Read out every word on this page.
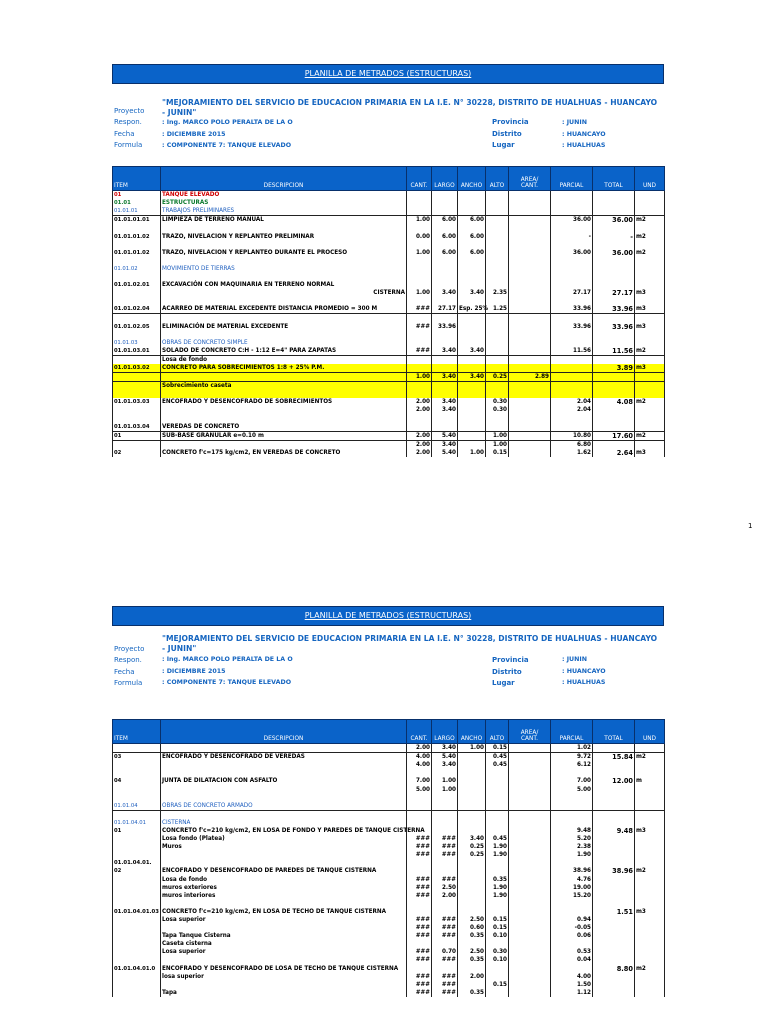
PLANILLA DE METRADOS (ESTRUCTURAS)
"MEJORAMIENTO DEL SERVICIO DE EDUCACION PRIMARIA EN LA I.E. N° 30228, DISTRITO DE HUALHUAS - HUANCAYO - JUNIN"
Proyecto
Respon.	: Ing. MARCO POLO PERALTA DE LA O
Fecha	: DICIEMBRE 2015
Formula	: COMPONENTE 7: TANQUE ELEVADO
Provincia	: JUNIN
Distrito	: HUANCAYO
Lugar	: HUALHUAS
ITEM	DESCRIPCION	CANT.	LARGO	ANCHO	ALTO	AREA/
CANT.	PARCIAL	TOTAL	UND
01	TANQUE ELEVADO								
01.01	ESTRUCTURAS								
01.01.01	TRABAJOS PRELIMINARES								
01.01.01.01	LIMPIEZA DE TERRENO MANUAL	1.00	6.00	6.00			36.00	36.00	m2

01.01.01.02	TRAZO, NIVELACION Y REPLANTEO PRELIMINAR	0.00	6.00	6.00			-	-	m2

01.01.01.02	TRAZO, NIVELACION Y REPLANTEO DURANTE EL PROCESO	1.00	6.00	6.00			36.00	36.00	m2

01.01.02	MOVIMIENTO DE TIERRAS								

01.01.02.01	EXCAVACIÓN CON MAQUINARIA EN TERRENO NORMAL								
	CISTERNA	1.00	3.40	3.40	2.35		27.17	27.17	m3

01.01.02.04	ACARREO DE MATERIAL EXCEDENTE DISTANCIA PROMEDIO = 300 M	###	27.17	Esp. 25%	1.25		33.96	33.96	m3

01.01.02.05	ELIMINACIÓN DE MATERIAL EXCEDENTE	###	33.96				33.96	33.96	m3

01.01.03	OBRAS DE CONCRETO SIMPLE								
01.01.03.01	SOLADO DE CONCRETO C:H - 1:12 E=4" PARA ZAPATAS	###	3.40	3.40			11.56	11.56	m2
	Losa de fondo								
01.01.03.02	CONCRETO PARA SOBRECIMIENTOS 1:8 + 25% P.M.							3.89	m3
		1.00	3.40	3.40	0.25	2.89			
	Sobrecimiento caseta								

01.01.03.03	ENCOFRADO Y DESENCOFRADO DE SOBRECIMIENTOS	2.00	3.40		0.30		2.04	4.08	m2
		2.00	3.40		0.30		2.04		

01.01.03.04	VEREDAS DE CONCRETO								
01	SUB-BASE GRANULAR e=0.10 m	2.00	5.40		1.00		10.80	17.60	m2
		2.00	3.40		1.00		6.80		
02	CONCRETO f'c=175 kg/cm2, EN VEREDAS DE CONCRETO	2.00	5.40	1.00	0.15		1.62	2.64	m3
1
PLANILLA DE METRADOS (ESTRUCTURAS)
"MEJORAMIENTO DEL SERVICIO DE EDUCACION PRIMARIA EN LA I.E. N° 30228, DISTRITO DE HUALHUAS - HUANCAYO - JUNIN"
Proyecto
Respon.	: Ing. MARCO POLO PERALTA DE LA O
Fecha	: DICIEMBRE 2015
Formula	: COMPONENTE 7: TANQUE ELEVADO
Provincia	: JUNIN
Distrito	: HUANCAYO
Lugar	: HUALHUAS
ITEM	DESCRIPCION	CANT.	LARGO	ANCHO	ALTO	AREA/
CANT.	PARCIAL	TOTAL	UND
		2.00	3.40	1.00	0.15		1.02		
03	ENCOFRADO Y DESENCOFRADO DE VEREDAS	4.00	5.40		0.45		9.72	15.84	m2
		4.00	3.40		0.45		6.12		

04	JUNTA DE DILATACION CON ASFALTO	7.00	1.00				7.00	12.00	m
		5.00	1.00				5.00		

01.01.04	OBRAS DE CONCRETO ARMADO								

01.01.04.01	CISTERNA								
01	CONCRETO f'c=210 kg/cm2, EN LOSA DE FONDO Y PAREDES DE TANQUE CISTERNA						9.48	9.48	m3
	Losa fondo (Platea)	###	###	3.40	0.45		5.20		
	Muros	###	###	0.25	1.90		2.38		
		###	###	0.25	1.90		1.90		
01.01.04.01.									
02	ENCOFRADO Y DESENCOFRADO DE PAREDES DE TANQUE CISTERNA						38.96	38.96	m2
	Losa de fondo	###	###		0.35		4.76		
	muros exteriores	###	2.50		1.90		19.00		
	muros interiores	###	2.00		1.90		15.20		

01.01.04.01.03	CONCRETO f'c=210 kg/cm2, EN LOSA DE TECHO DE TANQUE CISTERNA							1.51	m3
	Losa superior	###	###	2.50	0.15		0.94		
		###	###	0.60	0.15		-0.05		
	Tapa Tanque Cisterna	###	###	0.35	0.10		0.06		
	Caseta cisterna								
	Losa superior	###	0.70	2.50	0.30		0.53		
		###	###	0.35	0.10		0.04		
01.01.04.01.0	ENCOFRADO Y DESENCOFRADO DE LOSA DE TECHO DE TANQUE CISTERNA							8.80	m2
	losa superior	###	###	2.00			4.00		
		###	###		0.15		1.50		
	Tapa	###	###	0.35			1.12		
